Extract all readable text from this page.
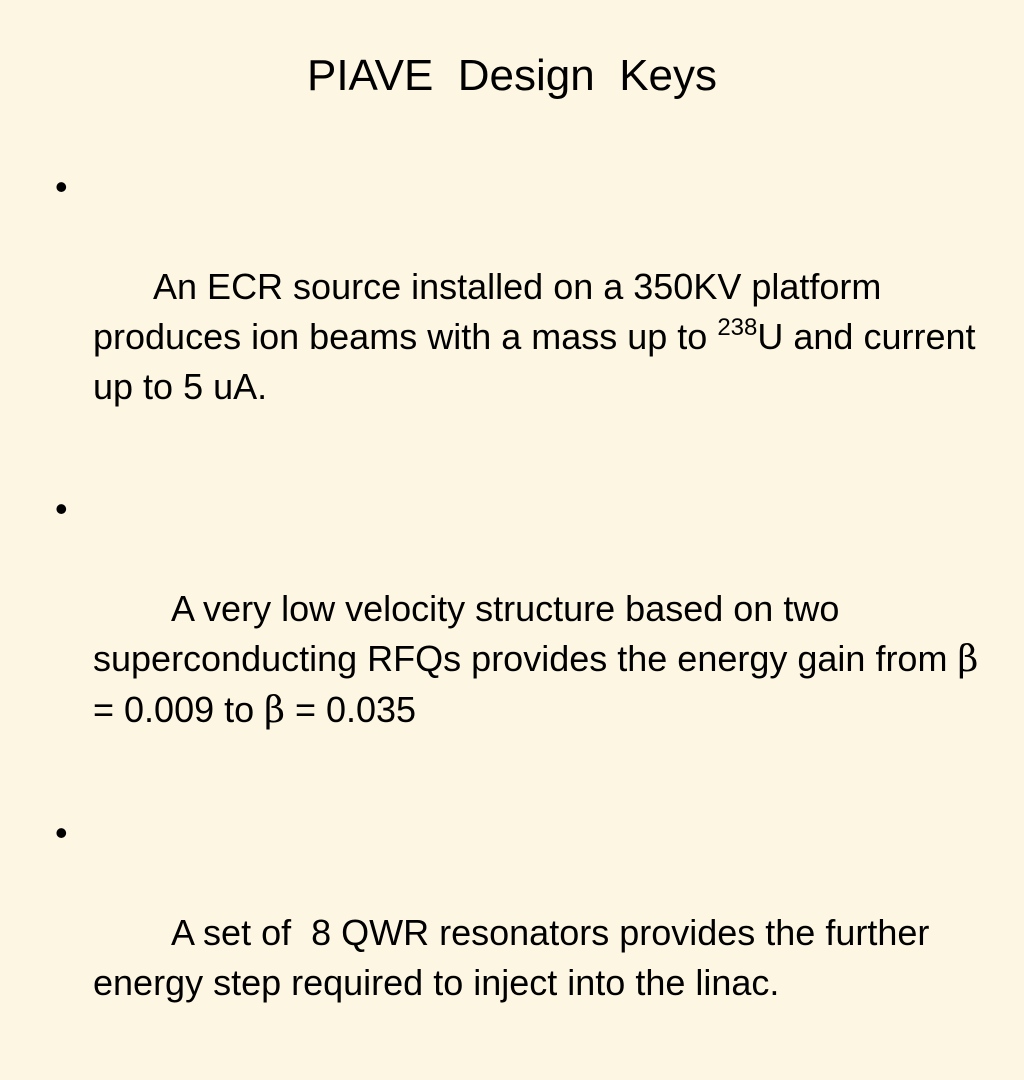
PIAVE  Design  Keys

•

An ECR source installed on a 350KV platform produces ion beams with a mass up to $^{238}$U and current up to 5 uA.

•

A very low velocity structure based on two superconducting RFQs provides the energy gain from β = 0.009 to β = 0.035

•

A set of  8 QWR resonators provides the further energy step required to inject into the linac.
